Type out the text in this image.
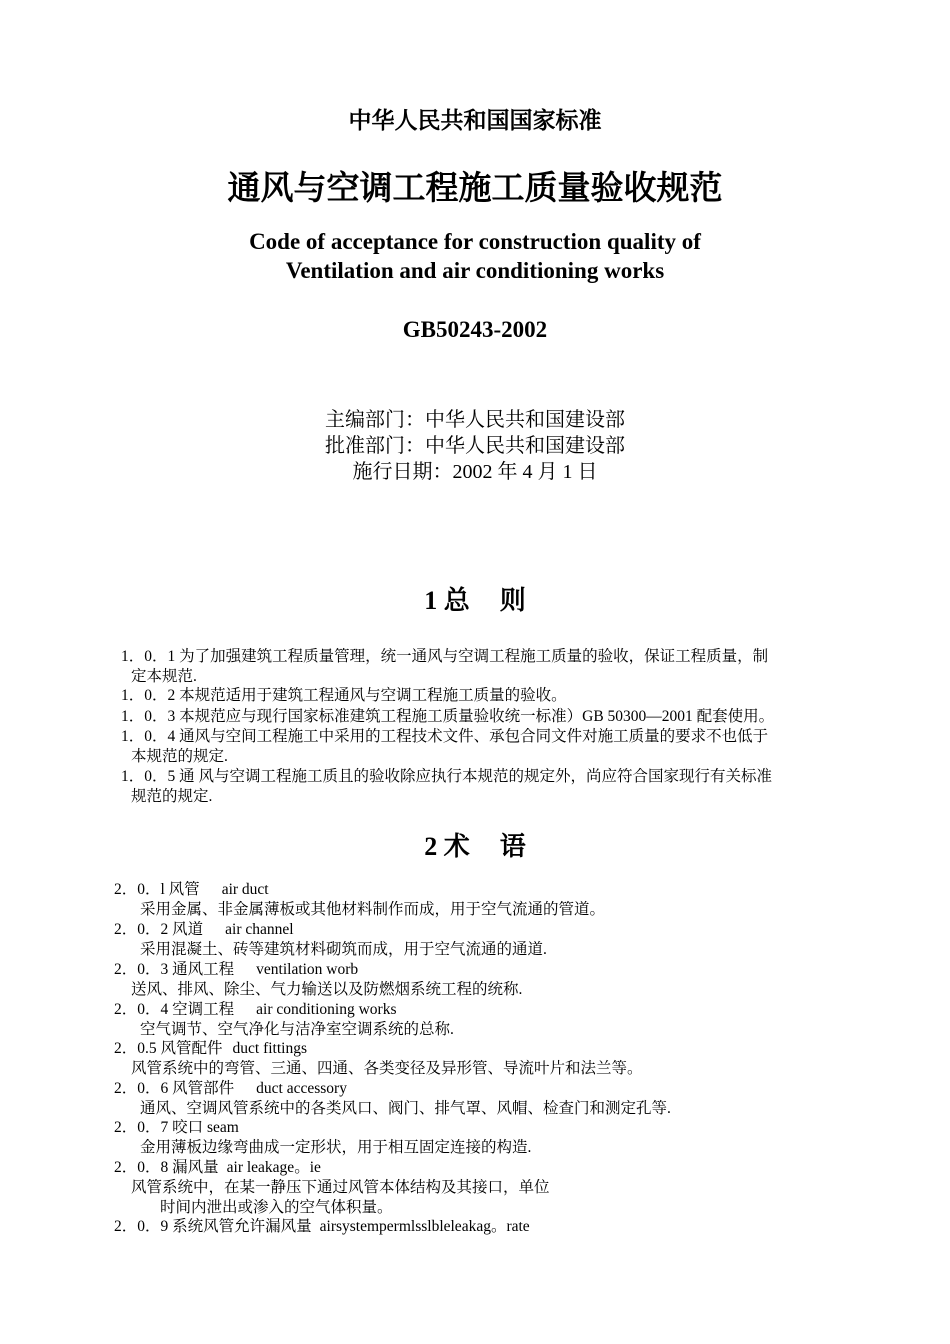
中华人民共和国国家标准
通风与空调工程施工质量验收规范
Code of acceptance for construction quality of
Ventilation and air conditioning works
GB50243-2002
主编部门：中华人民共和国建设部
批准部门：中华人民共和国建设部
施行日期：2002 年 4 月 1 日
1 总 则
1．0．1 为了加强建筑工程质量管理，统一通风与空调工程施工质量的验收，保证工程质量，制
定本规范.
1．0．2 本规范适用于建筑工程通风与空调工程施工质量的验收。
1．0．3 本规范应与现行国家标准建筑工程施工质量验收统一标准）GB 50300—2001 配套使用。
1．0．4 通风与空间工程施工中采用的工程技术文件、承包合同文件对施工质量的要求不也低于
本规范的规定.
1．0．5 通 风与空调工程施工质且的验收除应执行本规范的规定外，尚应符合国家现行有关标准
规范的规定.
2 术 语
2．0．l 风管 air duct
采用金属、非金属薄板或其他材料制作而成，用于空气流通的管道。
2．0．2 风道 air channel
采用混凝土、砖等建筑材料砌筑而成，用于空气流通的通道.
2．0．3 通风工程 ventilation worb
送风、排风、除尘、气力输送以及防燃烟系统工程的统称.
2．0．4 空调工程 air conditioning works
空气调节、空气净化与洁净室空调系统的总称.
2．0.5 风管配件 duct fittings
风管系统中的弯管、三通、四通、各类变径及异形管、导流叶片和法兰等。
2．0．6 风管部件 duct accessory
通风、空调风管系统中的各类风口、阀门、排气罩、风帽、检查门和测定孔等.
2．0．7 咬口 seam
金用薄板边缘弯曲成一定形状，用于相互固定连接的构造.
2．0．8 漏风量 air leakage。ie
风管系统中，在某一静压下通过风管本体结构及其接口，单位
时间内泄出或渗入的空气体积量。
2．0．9 系统风管允许漏风量 airsystempermlsslbleleakag。rate
